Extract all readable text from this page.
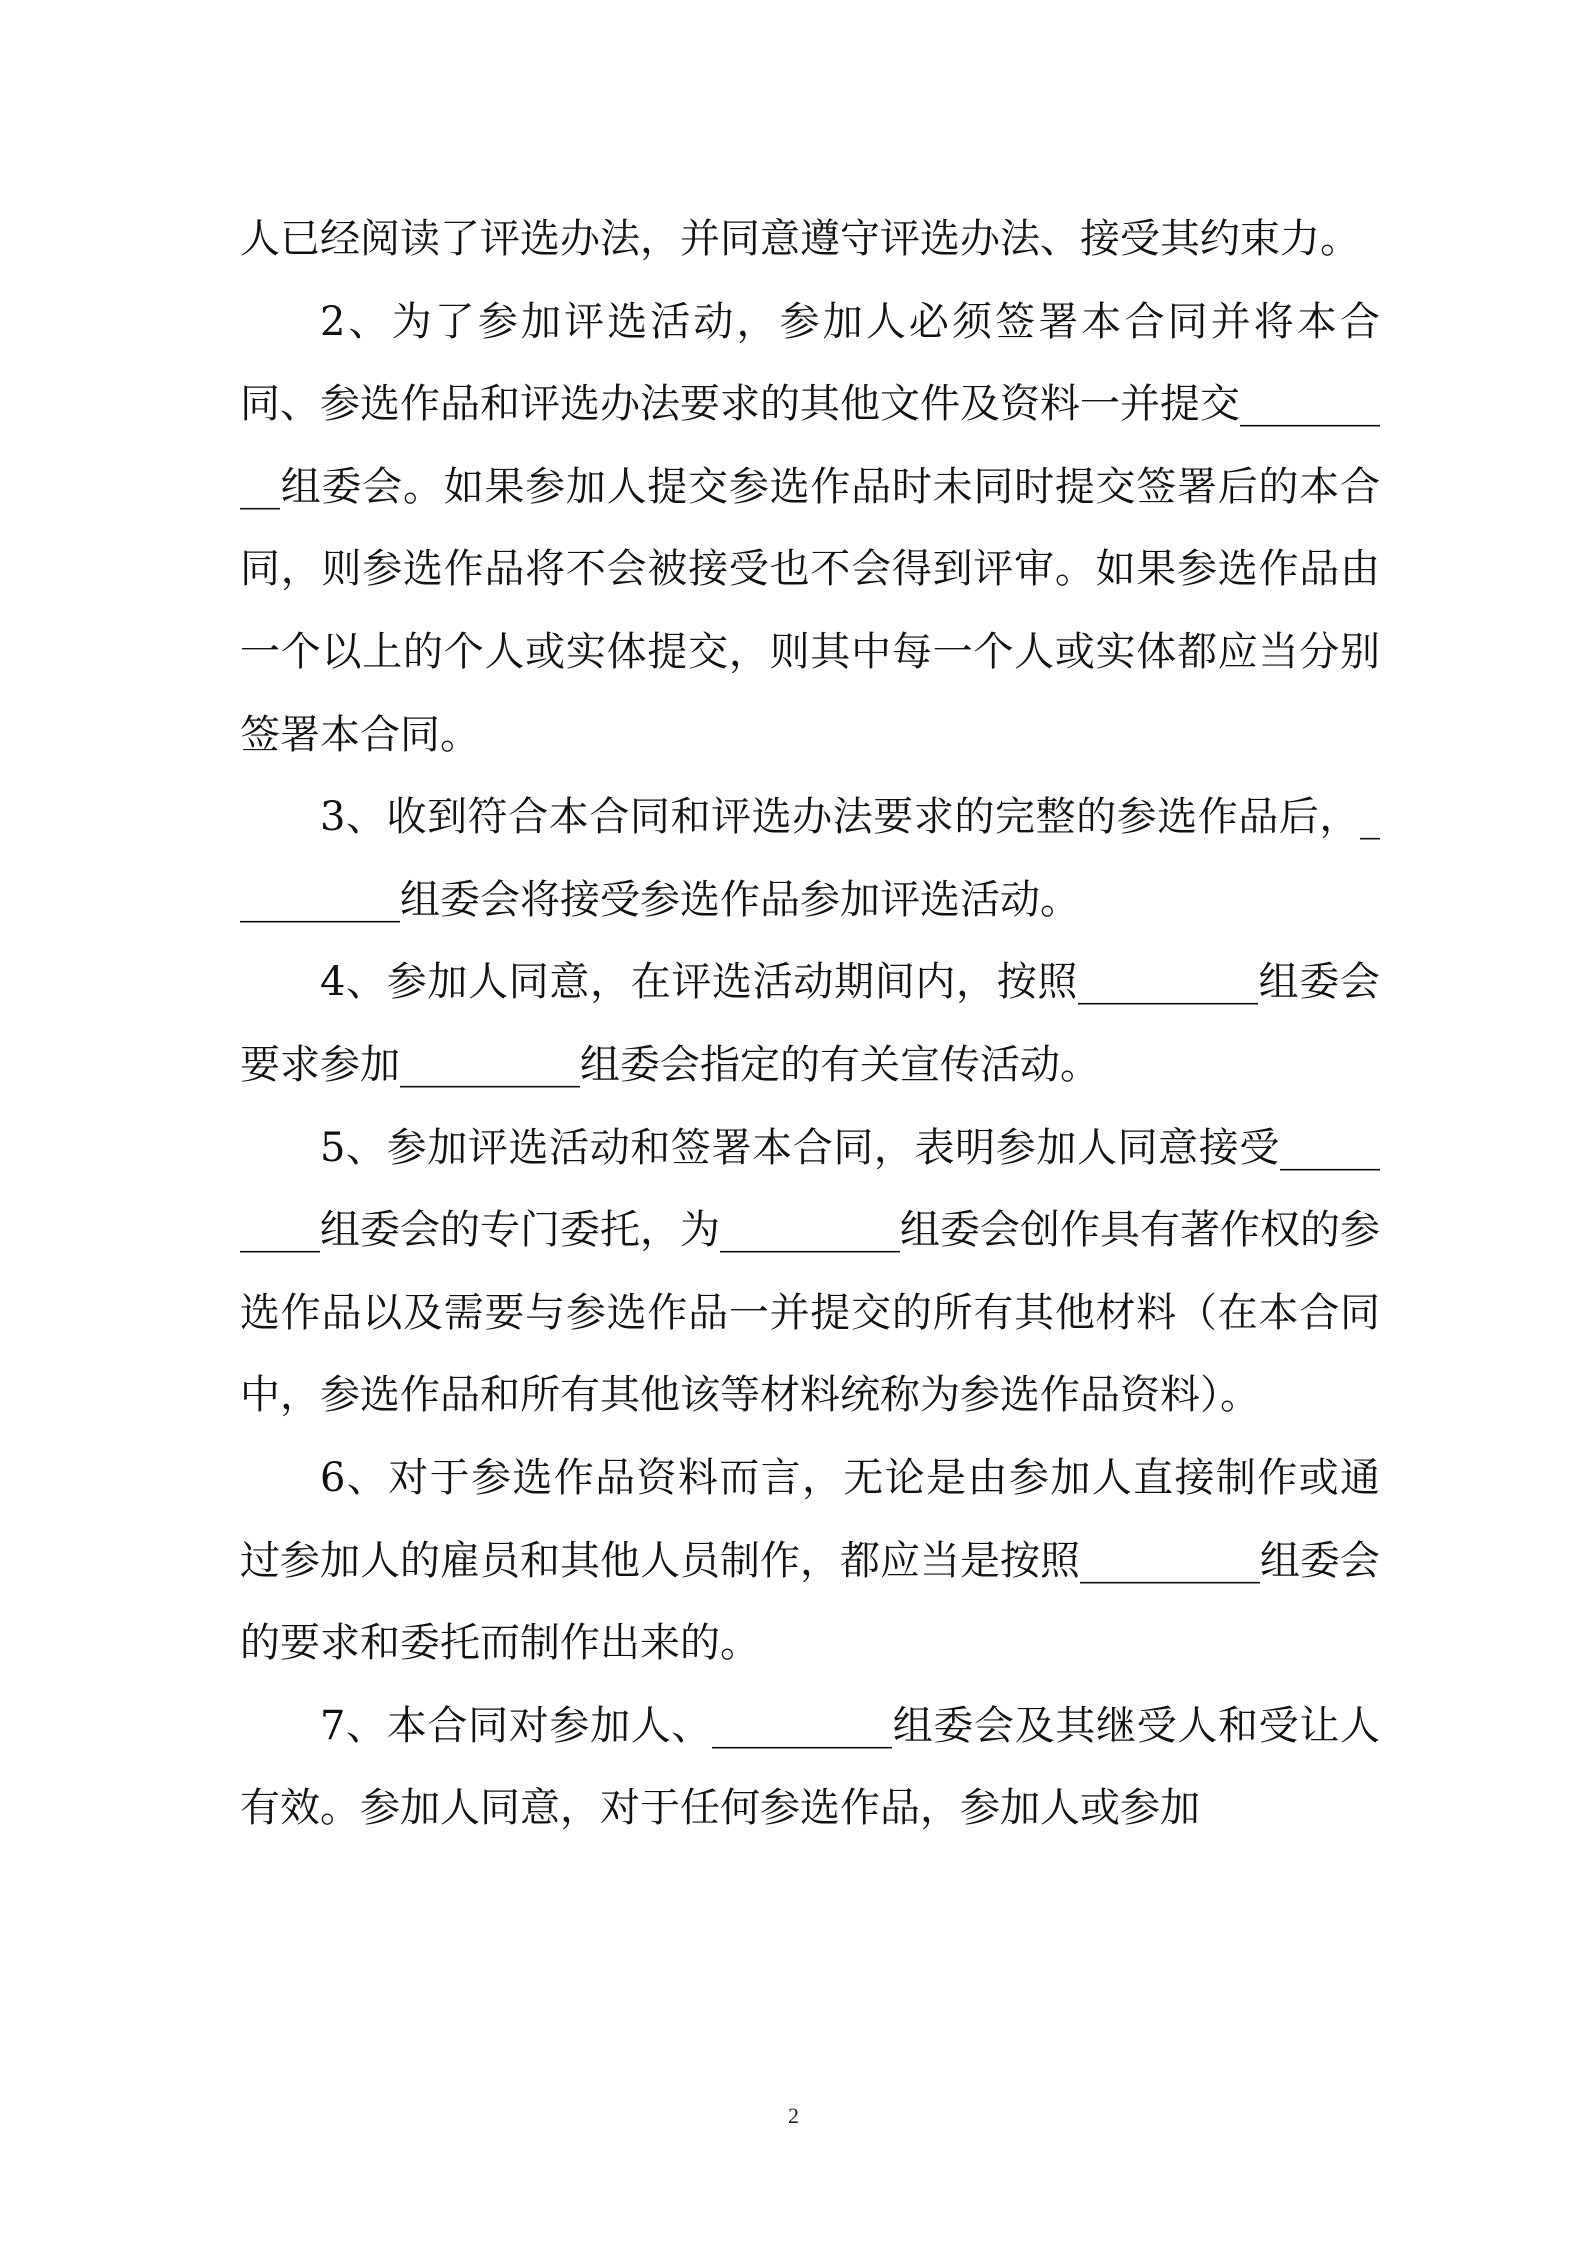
人已经阅读了评选办法，并同意遵守评选办法、接受其约束力。

2、为了参加评选活动，参加人必须签署本合同并将本合同、参选作品和评选办法要求的其他文件及资料一并提交_________组委会。如果参加人提交参选作品时未同时提交签署后的本合同，则参选作品将不会被接受也不会得到评审。如果参选作品由一个以上的个人或实体提交，则其中每一个人或实体都应当分别签署本合同。

3、收到符合本合同和评选办法要求的完整的参选作品后，_________组委会将接受参选作品参加评选活动。

4、参加人同意，在评选活动期间内，按照_________组委会要求参加_________组委会指定的有关宣传活动。

5、参加评选活动和签署本合同，表明参加人同意接受_________组委会的专门委托，为_________组委会创作具有著作权的参选作品以及需要与参选作品一并提交的所有其他材料（在本合同中，参选作品和所有其他该等材料统称为参选作品资料）。

6、对于参选作品资料而言，无论是由参加人直接制作或通过参加人的雇员和其他人员制作，都应当是按照_________组委会的要求和委托而制作出来的。

7、本合同对参加人、_________组委会及其继受人和受让人有效。参加人同意，对于任何参选作品，参加人或参加

2
